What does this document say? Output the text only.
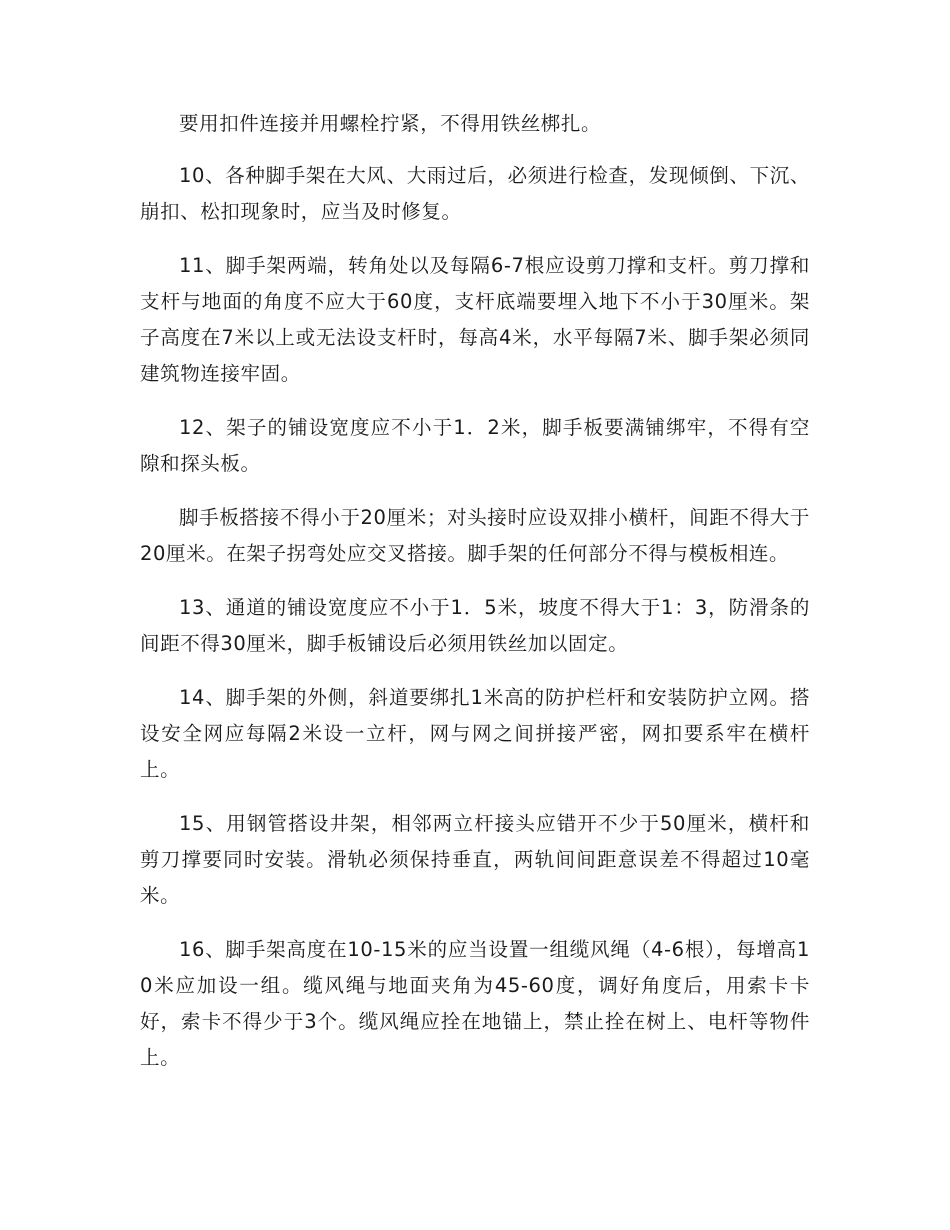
要用扣件连接并用螺栓拧紧，不得用铁丝梆扎。

10、各种脚手架在大风、大雨过后，必须进行检查，发现倾倒、下沉、崩扣、松扣现象时，应当及时修复。

11、脚手架两端，转角处以及每隔6-7根应设剪刀撑和支杆。剪刀撑和支杆与地面的角度不应大于60度，支杆底端要埋入地下不小于30厘米。架子高度在7米以上或无法设支杆时，每高4米，水平每隔7米、脚手架必须同建筑物连接牢固。

12、架子的铺设宽度应不小于1．2米，脚手板要满铺绑牢，不得有空隙和探头板。

脚手板搭接不得小于20厘米；对头接时应设双排小横杆，间距不得大于20厘米。在架子拐弯处应交叉搭接。脚手架的任何部分不得与模板相连。

13、通道的铺设宽度应不小于1．5米，坡度不得大于1：3，防滑条的间距不得30厘米，脚手板铺设后必须用铁丝加以固定。

14、脚手架的外侧，斜道要绑扎1米高的防护栏杆和安装防护立网。搭设安全网应每隔2米设一立杆，网与网之间拼接严密，网扣要系牢在横杆上。

15、用钢管搭设井架，相邻两立杆接头应错开不少于50厘米，横杆和剪刀撑要同时安装。滑轨必须保持垂直，两轨间间距意误差不得超过10毫米。

16、脚手架高度在10-15米的应当设置一组缆风绳（4-6根），每增高10米应加设一组。缆风绳与地面夹角为45-60度，调好角度后，用索卡卡好，索卡不得少于3个。缆风绳应拴在地锚上，禁止拴在树上、电杆等物件上。
